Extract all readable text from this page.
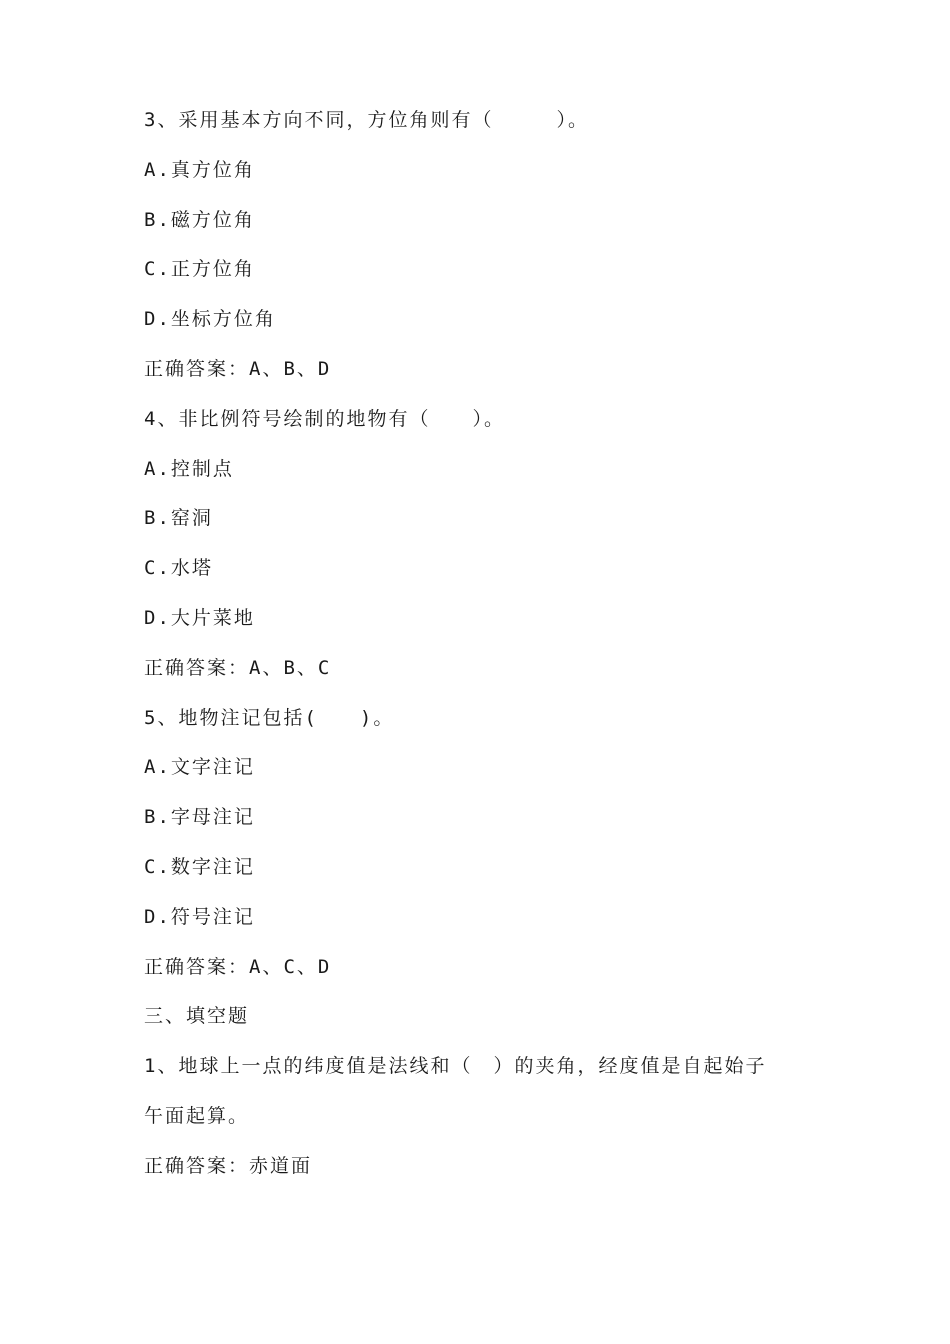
3、采用基本方向不同，方位角则有（　　　）。
A.真方位角
B.磁方位角
C.正方位角
D.坐标方位角
正确答案：A、B、D
4、非比例符号绘制的地物有（　　）。
A.控制点
B.窑洞
C.水塔
D.大片菜地
正确答案：A、B、C
5、地物注记包括(　　)。
A.文字注记
B.字母注记
C.数字注记
D.符号注记
正确答案：A、C、D
三、填空题
1、地球上一点的纬度值是法线和（　）的夹角，经度值是自起始子
午面起算。
正确答案：赤道面
